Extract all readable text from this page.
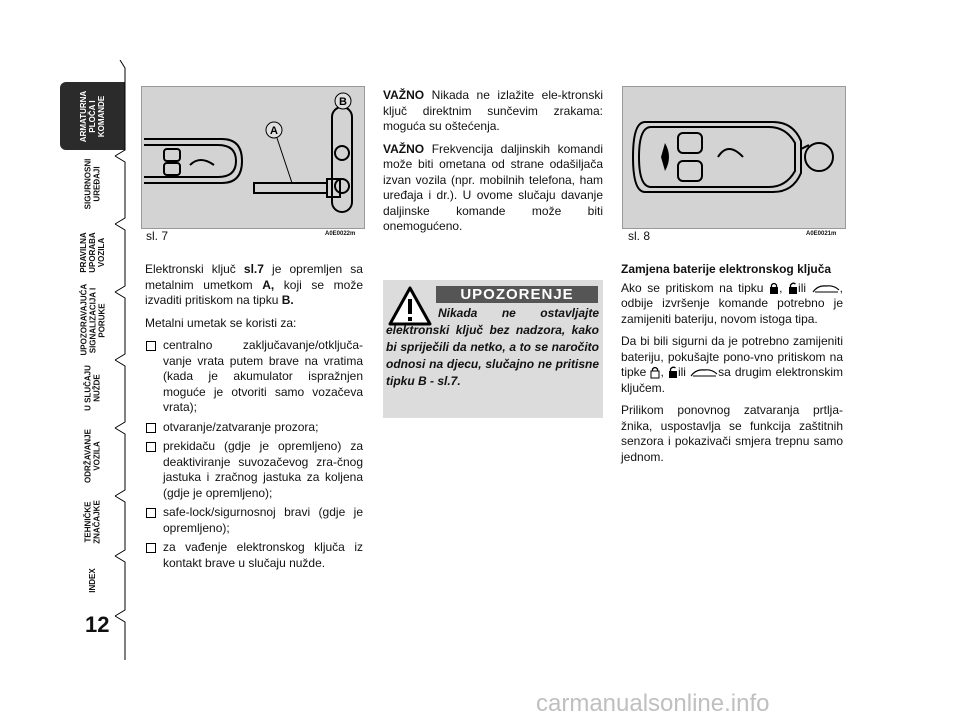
ARMATURNA
PLOČA I
KOMANDE
SIGURNOSNI
UREĐAJI
PRAVILNA
UPORABA
VOZILA
UPOZORAVAJUĆA
SIGNALIZACIJA I
PORUKE
U SLUČAJU
NUŽDE
ODRŽAVANJE
VOZILA
TEHNIČKE
ZNAČAJKE
INDEX
12
A
B
sl. 7	A0E0022m	sl. 8	A0E0021m

Elektronski ključ sl.7 je opremljen sa metalnim umetkom A, koji se može izvaditi pritiskom na tipku B.

Metalni umetak se koristi za:

centralno zaključavanje/otključa-vanje vrata putem brave na vratima (kada je akumulator ispražnjen moguće je otvoriti samo vozačeva vrata);
otvaranje/zatvaranje prozora;
prekidaču (gdje je opremljeno) za deaktiviranje suvozačevog zra-čnog jastuka i zračnog jastuka za koljena (gdje je opremljeno);
safe-lock/sigurnosnoj bravi (gdje je opremljeno);
za vađenje elektronskog ključa iz kontakt brave u slučaju nužde.

VAŽNO Nikada ne izlažite ele-ktronski ključ direktnim sunčevim zrakama: moguća su oštećenja.

VAŽNO Frekvencija daljinskih komandi može biti ometana od strane odašiljača izvan vozila (npr. mobilnih telefona, ham uređaja i dr.). U ovome slučaju davanje daljinske komande može biti onemogućeno.

UPOZORENJE
Nikada ne ostavljajte elektronski ključ bez nadzora, kako bi spriječili da netko, a to se naročito odnosi na djecu, slučajno ne pritisne tipku B - sl.7.

Zamjena baterije elektronskog ključa

Ako se pritiskom na tipku , ili	, odbije izvršenje komande potrebno je zamijeniti bateriju, novom istoga tipa.

Da bi bili sigurni da je potrebno zamijeniti bateriju, pokušajte pono-vno pritiskom na tipke , ili	sa drugim elektronskim ključem.

Prilikom ponovnog zatvaranja prtlja-žnika, uspostavlja se funkcija zaštitnih senzora i pokazivači smjera trepnu samo jednom.

carmanualsonline.info
